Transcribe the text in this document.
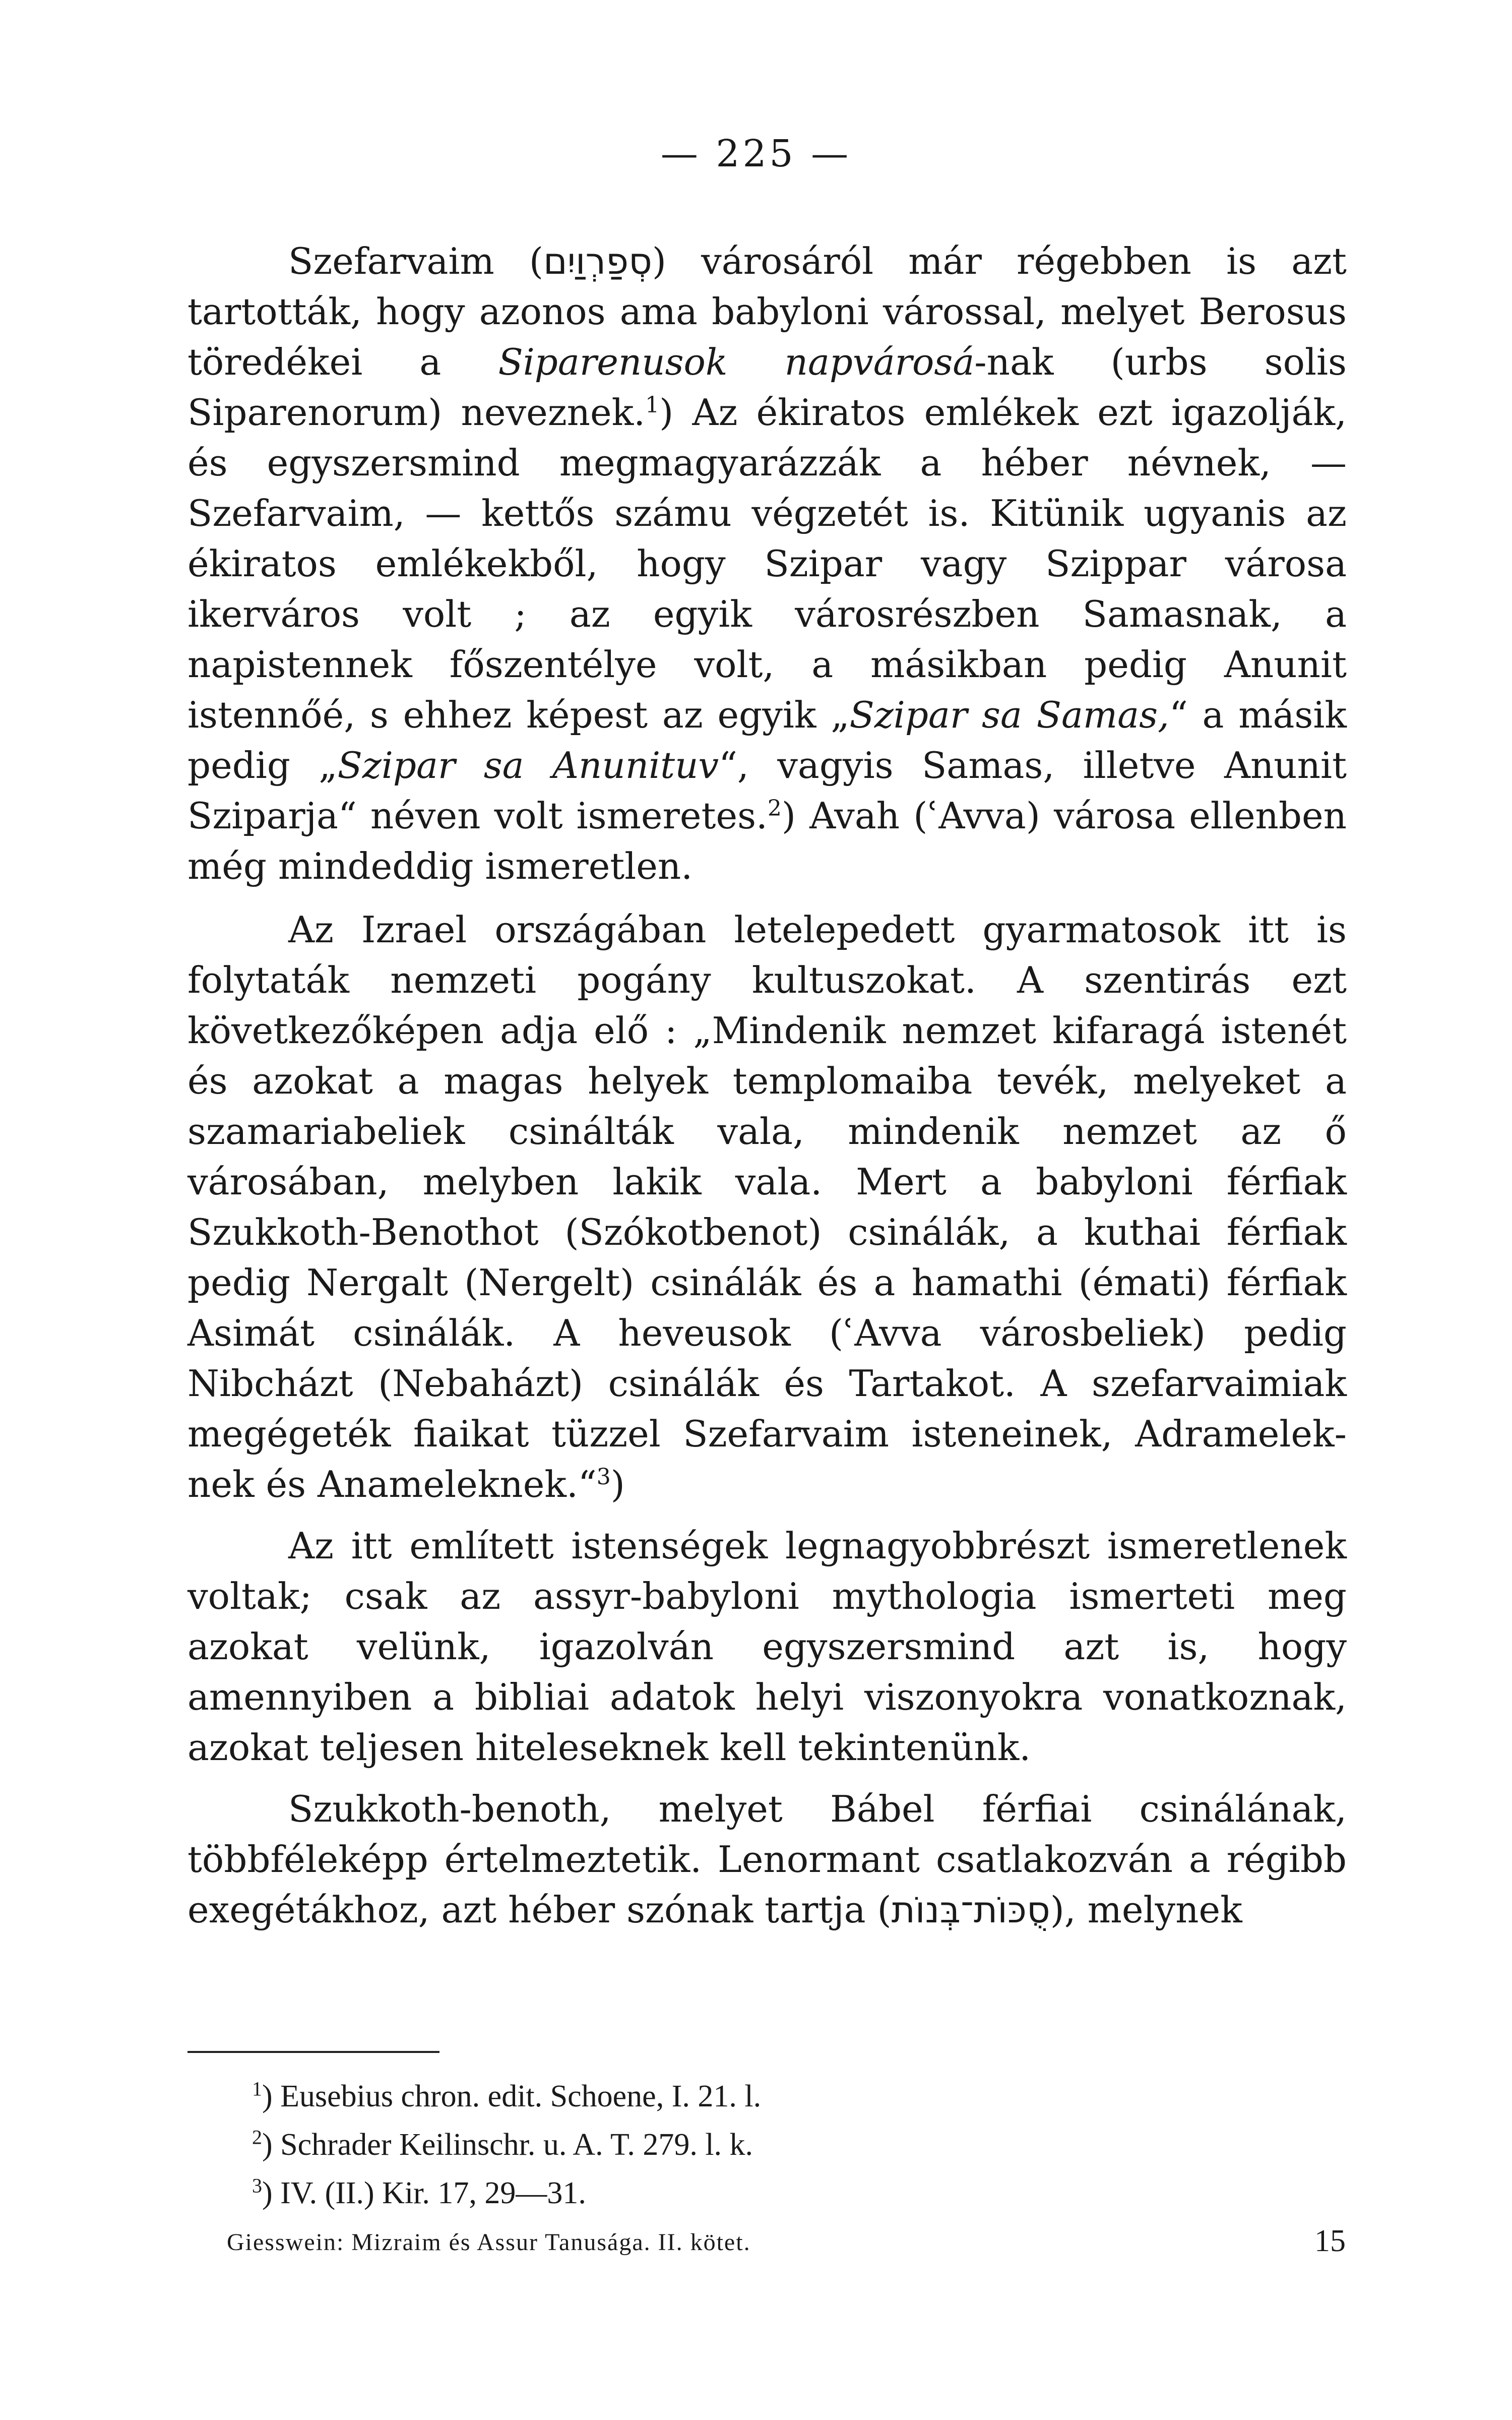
— 225 —

Szefarvaim (סְפַרְוַיִם) városáról már régebben is azt tartották, hogy azonos ama babyloni várossal, melyet Berosus töredékei a Siparenusok napvárosá-nak (urbs solis Siparenorum) neveznek.$^1$) Az ékiratos emlékek ezt igazolják, és egyszersmind megmagyarázzák a héber névnek, — Szefarvaim, — kettős számu végzetét is. Kitünik ugyanis az ékiratos emlékekből, hogy Szipar vagy Szippar városa ikerváros volt ; az egyik városrészben Samasnak, a napistennek főszentélye volt, a másikban pedig Anunit istennőé, s ehhez képest az egyik „Szipar sa Samas,“ a másik pedig „Szipar sa Anunituv“, vagyis Samas, illetve Anunit Sziparja“ néven volt ismeretes.$^2$) Avah (ʿAvva) városa ellenben még mindeddig ismeretlen.

Az Izrael országában letelepedett gyarmatosok itt is folytaták nemzeti pogány kultuszokat. A szentirás ezt következőképen adja elő : „Mindenik nemzet kifaragá istenét és azokat a magas helyek templomaiba tevék, melyeket a szamariabeliek csinálták vala, mindenik nemzet az ő városában, melyben lakik vala. Mert a babyloni férfiak Szukkoth-Benothot (Szókotbenot) csinálák, a kuthai férfiak pedig Nergalt (Nergelt) csinálák és a hamathi (émati) férfiak Asimát csinálák. A heveusok (ʿAvva városbeliek) pedig Nibcházt (Nebaházt) csinálák és Tartakot. A szefarvaimiak megégeték fiaikat tüzzel Szefarvaim isteneinek, Adrameleknek és Anameleknek.“$^3$)

Az itt említett istenségek legnagyobbrészt ismeretlenek voltak; csak az assyr-babyloni mythologia ismerteti meg azokat velünk, igazolván egyszersmind azt is, hogy amennyiben a bibliai adatok helyi viszonyokra vonatkoznak, azokat teljesen hiteleseknek kell tekintenünk.

Szukkoth-benoth, melyet Bábel férfiai csinálának, többféleképp értelmeztetik. Lenormant csatlakozván a régibb exegétákhoz, azt héber szónak tartja (סֻכּוֹת־בְּנוֹת), melynek

$^1$) Eusebius chron. edit. Schoene, I. 21. l.
$^2$) Schrader Keilinschr. u. A. T. 279. l. k.
$^3$) IV. (II.) Kir. 17, 29—31.
Giesswein: Mizraim és Assur Tanusága. II. kötet.	15
